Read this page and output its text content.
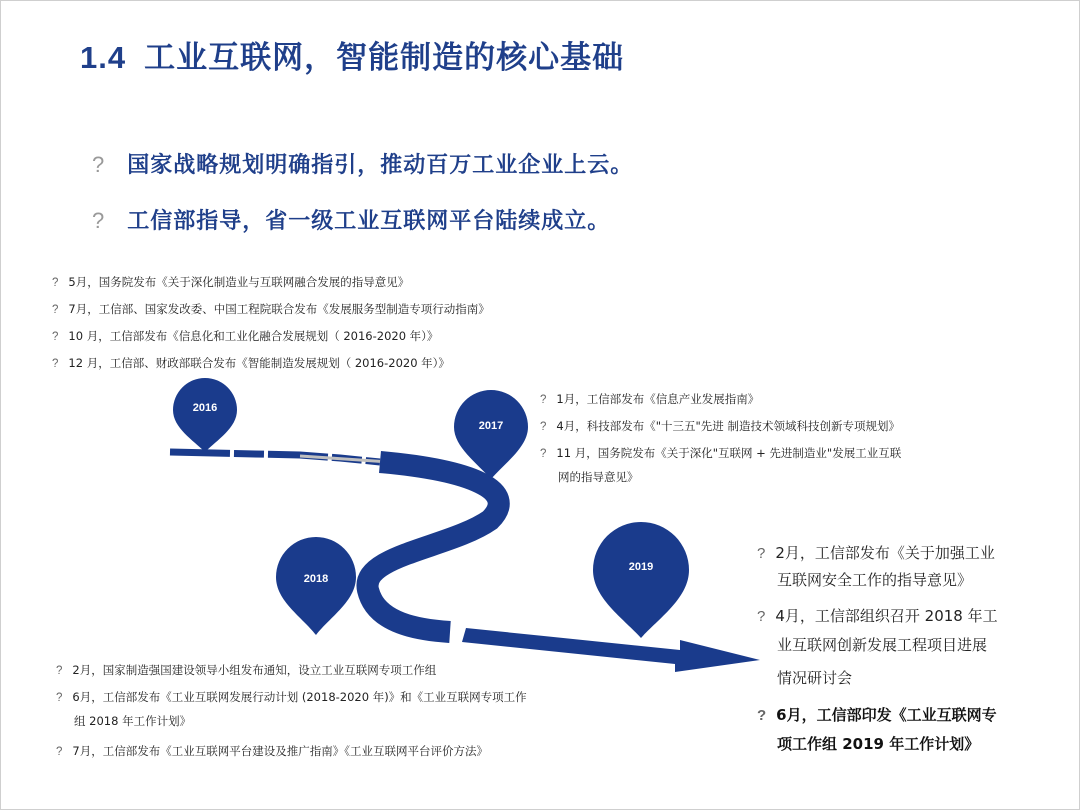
1.4 工业互联网，智能制造的核心基础
? 国家战略规划明确指引，推动百万工业企业上云。
? 工信部指导，省一级工业互联网平台陆续成立。
2016
2017
2018
2019
? 5月，国务院发布《关于深化制造业与互联网融合发展的指导意见》
? 7月，工信部、国家发改委、中国工程院联合发布《发展服务型制造专项行动指南》
? 10 月，工信部发布《信息化和工业化融合发展规划（ 2016-2020 年）》
? 12 月，工信部、财政部联合发布《智能制造发展规划（ 2016-2020 年）》
? 1月，工信部发布《信息产业发展指南》
? 4月，科技部发布《"十三五"先进 制造技术领域科技创新专项规划》
? 11 月，国务院发布《关于深化"互联网 + 先进制造业"发展工业互联
网的指导意见》
? 2月，国家制造强国建设领导小组发布通知，设立工业互联网专项工作组
? 6月，工信部发布《工业互联网发展行动计划 (2018-2020 年)》和《工业互联网专项工作
组 2018 年工作计划》
? 7月，工信部发布《工业互联网平台建设及推广指南》《工业互联网平台评价方法》
? 2月，工信部发布《关于加强工业
互联网安全工作的指导意见》
? 4月，工信部组织召开 2018 年工
业互联网创新发展工程项目进展
情况研讨会
? 6月，工信部印发《工业互联网专
项工作组 2019 年工作计划》
